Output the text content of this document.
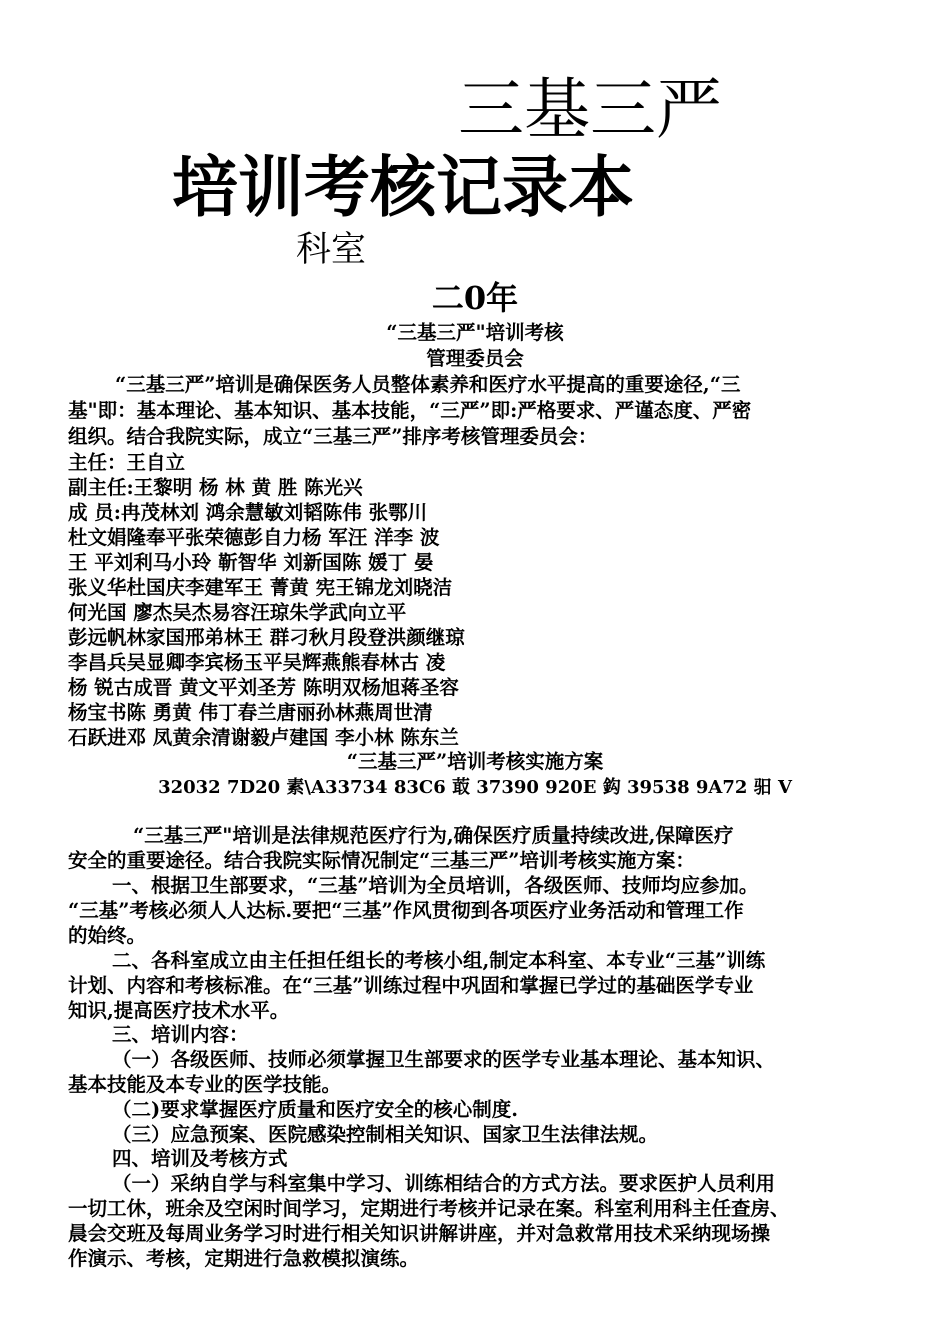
三基三严
培训考核记录本
科室
二0年
“三基三严"培训考核
管理委员会
“三基三严”培训是确保医务人员整体素养和医疗水平提高的重要途径,“三
基"即：基本理论、基本知识、基本技能，“三严”即:严格要求、严谨态度、严密
组织。结合我院实际，成立“三基三严”排序考核管理委员会：
主任：王自立
副主任:王黎明 杨 林 黄 胜 陈光兴
成 员:冉茂林刘 鸿余慧敏刘韬陈伟 张鄂川
杜文娟隆奉平张荣德彭自力杨 军汪 洋李 波
王 平刘利马小玲 靳智华 刘新国陈 媛丁 晏
张义华杜国庆李建军王 菁黄 宪王锦龙刘晓洁
何光国 廖杰吴杰易容汪琼朱学武向立平
彭远帆林家国邢弟林王 群刁秋月段登洪颜继琼
李昌兵吴显卿李宾杨玉平吴辉燕熊春林古 凌
杨 锐古成晋 黄文平刘圣芳 陈明双杨旭蒋圣容
杨宝书陈 勇黄 伟丁春兰唐丽孙林燕周世清
石跃进邓 凤黄余清谢毅卢建国 李小林 陈东兰
“三基三严”培训考核实施方案
32032 7D20 素\A33734 83C6 菆 37390 920E 鈎 39538 9A72 驲 V
“三基三严"培训是法律规范医疗行为,确保医疗质量持续改进,保障医疗
安全的重要途径。结合我院实际情况制定“三基三严”培训考核实施方案：
一、根据卫生部要求，“三基”培训为全员培训，各级医师、技师均应参加。
“三基”考核必须人人达标.要把“三基”作风贯彻到各项医疗业务活动和管理工作
的始终。
二、各科室成立由主任担任组长的考核小组,制定本科室、本专业“三基”训练
计划、内容和考核标准。在“三基”训练过程中巩固和掌握已学过的基础医学专业
知识,提高医疗技术水平。
三、培训内容：
（一）各级医师、技师必须掌握卫生部要求的医学专业基本理论、基本知识、
基本技能及本专业的医学技能。
（二)要求掌握医疗质量和医疗安全的核心制度.
（三）应急预案、医院感染控制相关知识、国家卫生法律法规。
四、培训及考核方式
（一）采纳自学与科室集中学习、训练相结合的方式方法。要求医护人员利用
一切工休，班余及空闲时间学习，定期进行考核并记录在案。科室利用科主任查房、
晨会交班及每周业务学习时进行相关知识讲解讲座，并对急救常用技术采纳现场操
作演示、考核，定期进行急救模拟演练。
